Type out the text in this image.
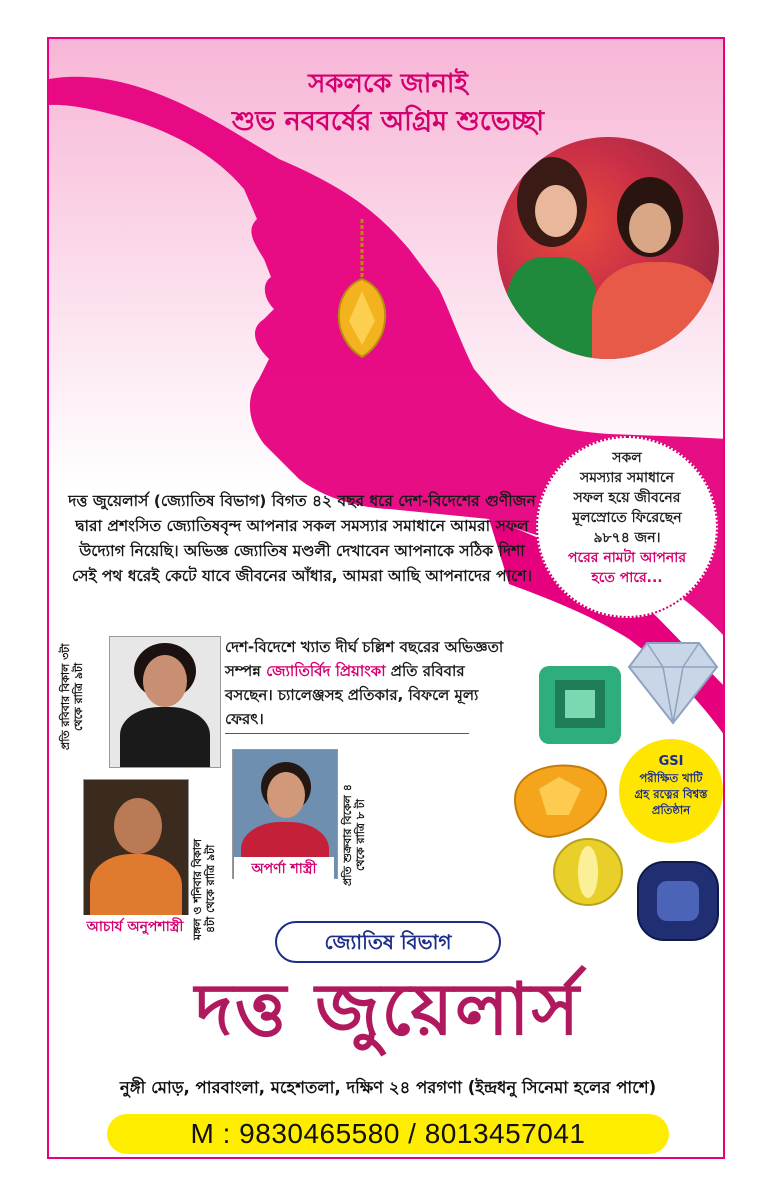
সকলকে জানাই
শুভ নববর্ষের অগ্রিম শুভেচ্ছা
সকল
সমস্যার সমাধানে
সফল হয়ে জীবনের
মূলস্রোতে ফিরেছেন
৯৮৭৪ জন।
পরের নামটা আপনার
হতে পারে...
দত্ত জুয়েলার্স (জ্যোতিষ বিভাগ) বিগত ৪২ বছর ধরে দেশ-বিদেশের গুণীজন দ্বারা প্রশংসিত জ্যোতিষবৃন্দ আপনার সকল সমস্যার সমাধানে আমরা সফল উদ্যোগ নিয়েছি। অভিজ্ঞ জ্যোতিষ মণ্ডলী দেখাবেন আপনাকে সঠিক দিশা সেই পথ ধরেই কেটে যাবে জীবনের আঁধার, আমরা আছি আপনাদের পাশে।
প্রতি রবিবার বিকাল ৩টা থেকে রাত্রি ৯টা
দেশ-বিদেশে খ্যাত দীর্ঘ চল্লিশ বছরের অভিজ্ঞতা সম্পন্ন জ্যোতির্বিদ প্রিয়াংকা প্রতি রবিবার বসছেন। চ্যালেঞ্জসহ প্রতিকার, বিফলে মূল্য ফেরৎ।
আচার্য অনুপশাস্ত্রী মঙ্গল ও শনিবার বিকাল ৪টা থেকে রাত্রি ৯টা	অপর্ণা শাস্ত্রী	প্রতি শুক্রবার বিকেল ৪ থেকে রাত্রি ৮ টা
GSI
পরীক্ষিত খাটি
গ্রহ রত্নের বিশ্বস্ত
প্রতিষ্ঠান
জ্যোতিষ বিভাগ
দত্ত জুয়েলার্স
নুঙ্গী মোড়, পারবাংলা, মহেশতলা, দক্ষিণ ২৪ পরগণা (ইন্দ্রধনু সিনেমা হলের পাশে)
M : 9830465580 / 8013457041
